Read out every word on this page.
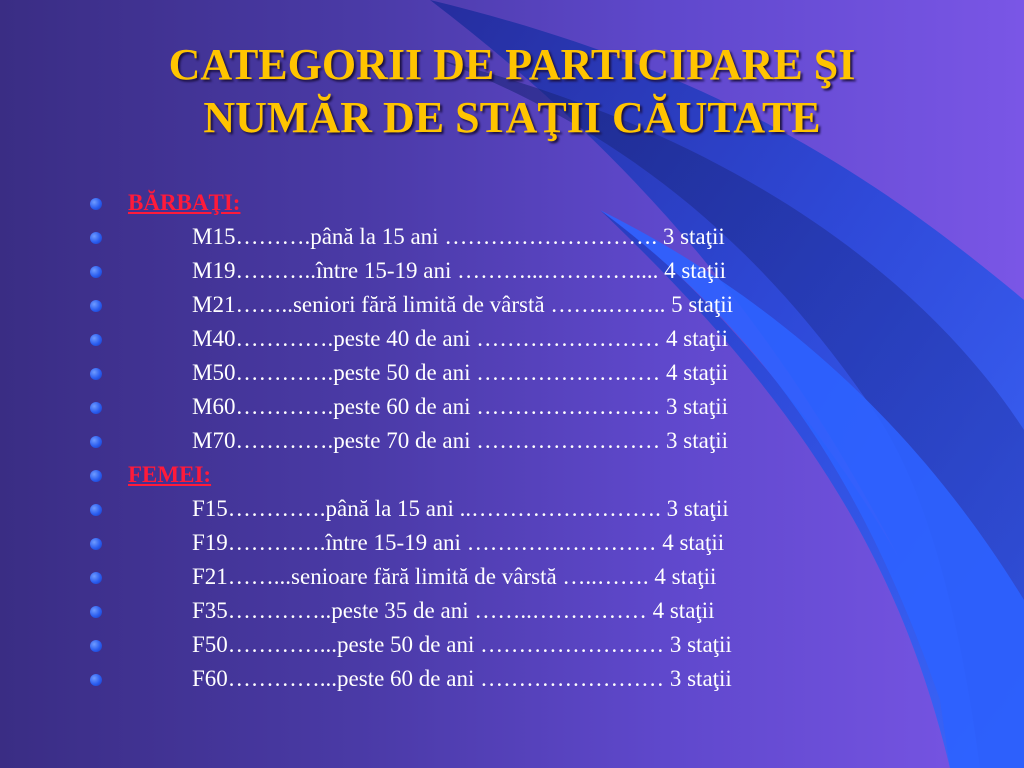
CATEGORII DE PARTICIPARE ŞI
NUMĂR DE STAŢII CĂUTATE
BĂRBAŢI:
M15……….până la 15 ani ………………………. 3 staţii
M19………..între 15-19 ani ………...………….... 4 staţii
M21……..seniori fără limită de vârstă ……..…….. 5 staţii
M40………….peste 40 de ani …………………… 4 staţii
M50………….peste 50 de ani …………………… 4 staţii
M60………….peste 60 de ani …………………… 3 staţii
M70………….peste 70 de ani …………………… 3 staţii
FEMEI:
F15………….până la 15 ani ..……………………. 3 staţii
F19………….între 15-19 ani ………….………… 4 staţii
F21……...senioare fără limită de vârstă …..……. 4 staţii
F35…………..peste 35 de ani ……..…………… 4 staţii
F50…………...peste 50 de ani …………………… 3 staţii
F60…………...peste 60 de ani …………………… 3 staţii
